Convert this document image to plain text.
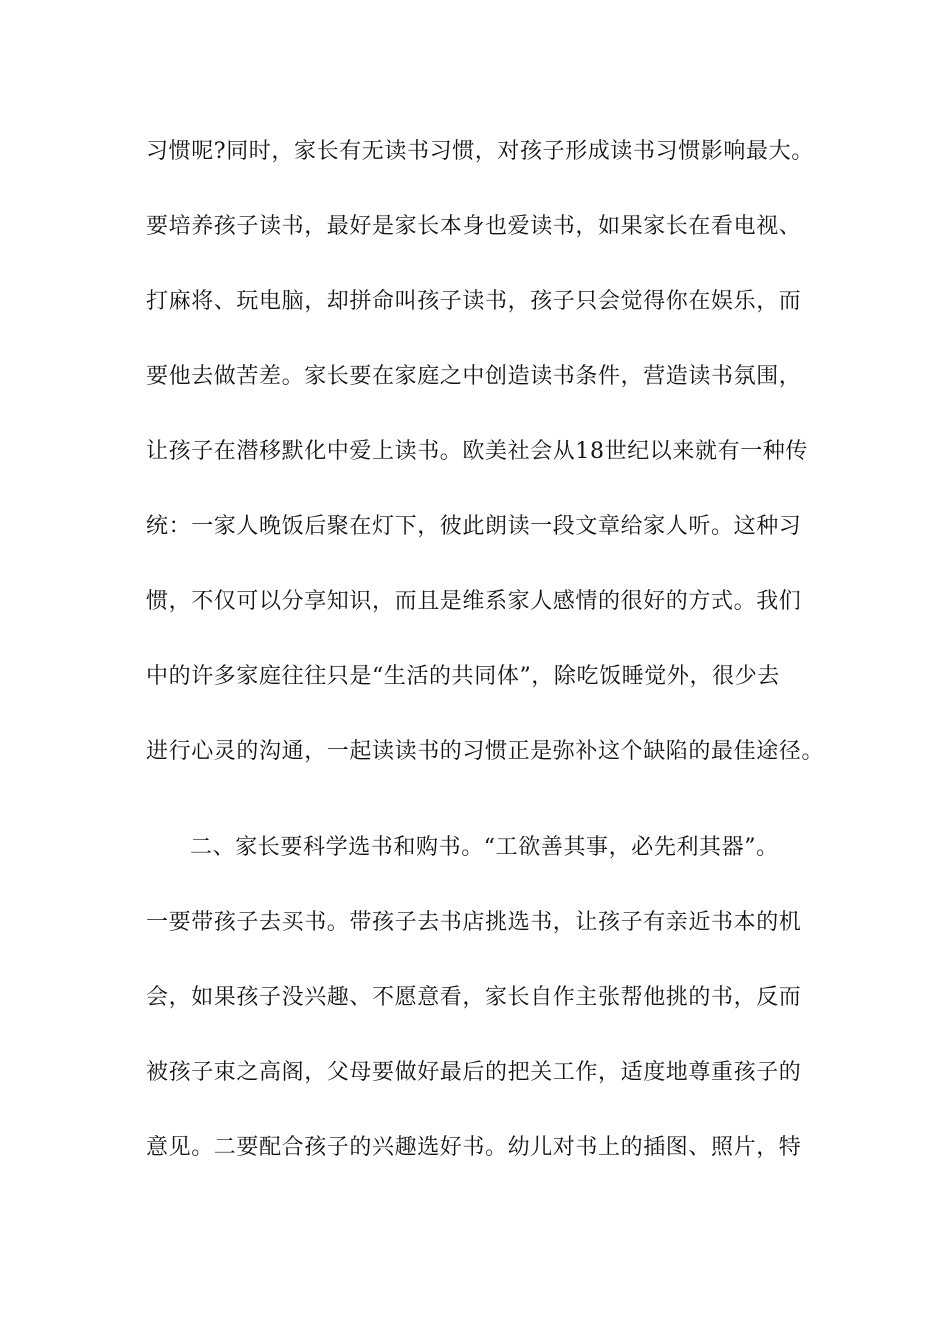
习惯呢?同时，家长有无读书习惯，对孩子形成读书习惯影响最大。
要培养孩子读书，最好是家长本身也爱读书，如果家长在看电视、
打麻将、玩电脑，却拼命叫孩子读书，孩子只会觉得你在娱乐，而
要他去做苦差。家长要在家庭之中创造读书条件，营造读书氛围，
让孩子在潜移默化中爱上读书。欧美社会从18世纪以来就有一种传
统：一家人晚饭后聚在灯下，彼此朗读一段文章给家人听。这种习
惯，不仅可以分享知识，而且是维系家人感情的很好的方式。我们
中的许多家庭往往只是“生活的共同体”，除吃饭睡觉外，很少去
进行心灵的沟通，一起读读书的习惯正是弥补这个缺陷的最佳途径。
二、家长要科学选书和购书。“工欲善其事，必先利其器”。
一要带孩子去买书。带孩子去书店挑选书，让孩子有亲近书本的机
会，如果孩子没兴趣、不愿意看，家长自作主张帮他挑的书，反而
被孩子束之高阁，父母要做好最后的把关工作，适度地尊重孩子的
意见。二要配合孩子的兴趣选好书。幼儿对书上的插图、照片，特
